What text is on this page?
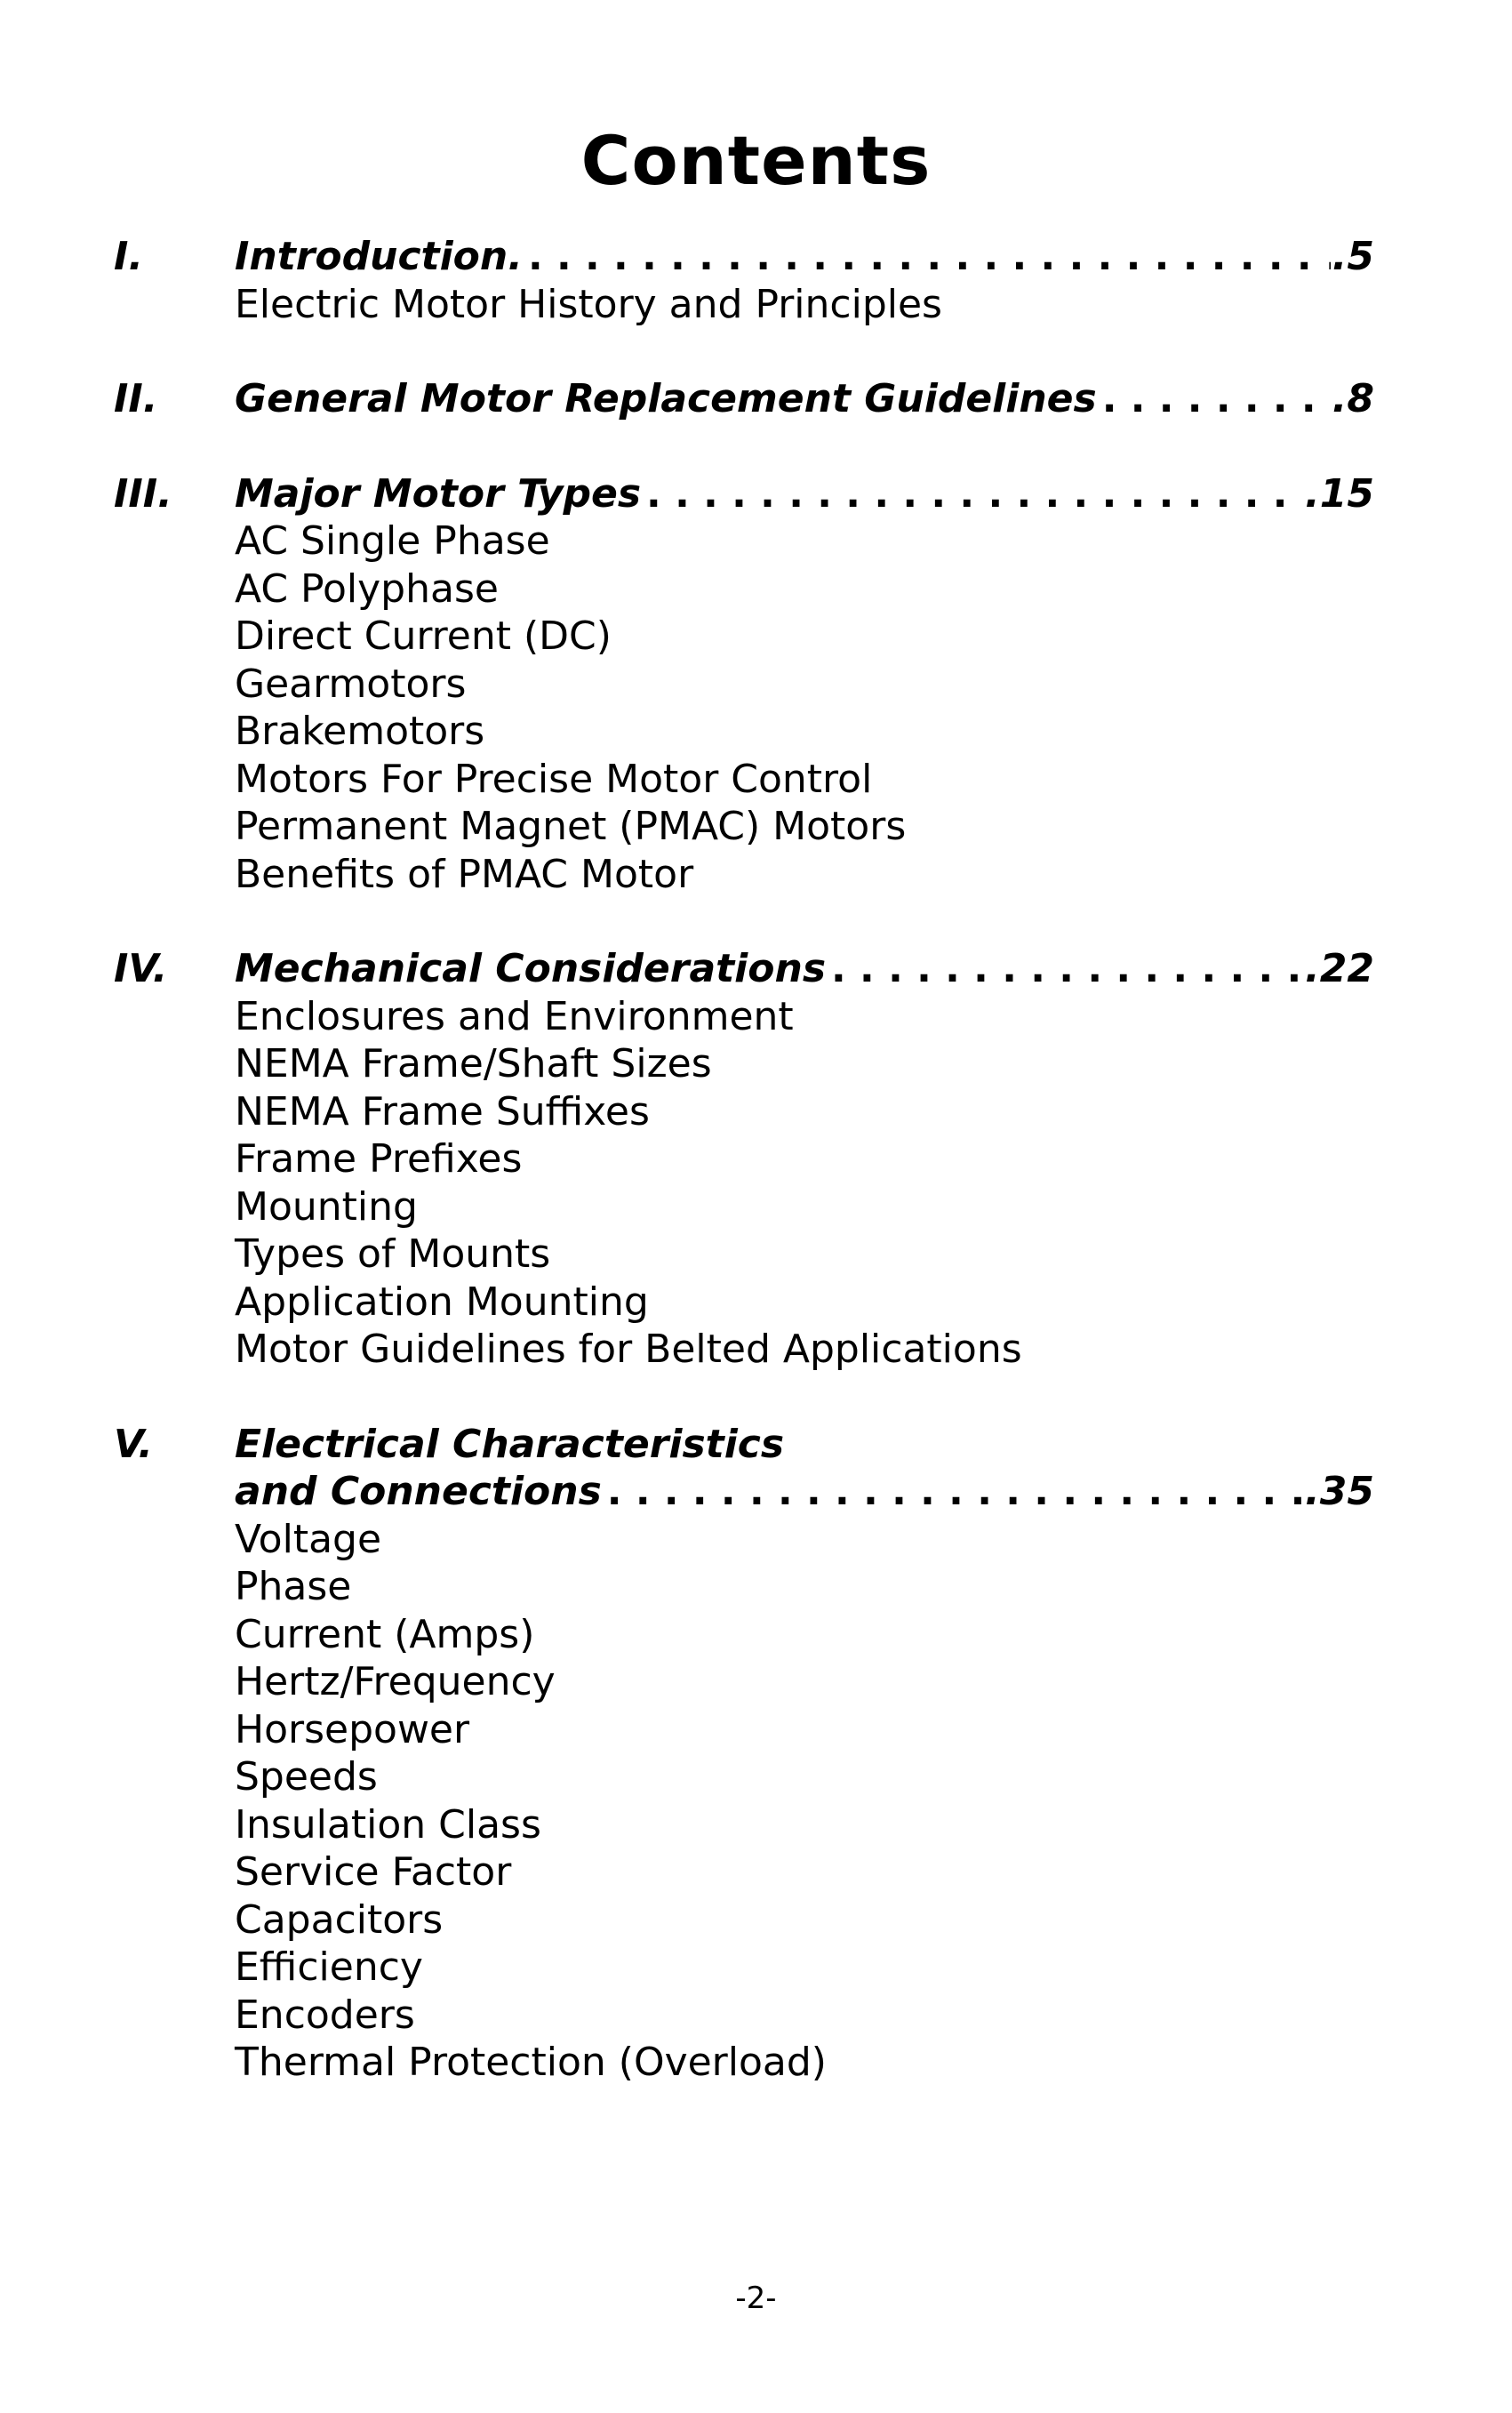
Contents
I.	Introduction. . . .	.5
Electric Motor History and Principles
II.	General Motor Replacement Guidelines . . .	.8
III.	Major Motor Types . . .	.15
AC Single Phase
AC Polyphase
Direct Current (DC)
Gearmotors
Brakemotors
Motors For Precise Motor Control
Permanent Magnet (PMAC) Motors
Benefits of PMAC Motor
IV.	Mechanical Considerations . . .	.22
Enclosures and Environment
NEMA Frame/Shaft Sizes
NEMA Frame Suffixes
Frame Prefixes
Mounting
Types of Mounts
Application Mounting
Motor Guidelines for Belted Applications
V.	Electrical Characteristics
and Connections . . .	.35
Voltage
Phase
Current (Amps)
Hertz/Frequency
Horsepower
Speeds
Insulation Class
Service Factor
Capacitors
Efficiency
Encoders
Thermal Protection (Overload)
-2-
